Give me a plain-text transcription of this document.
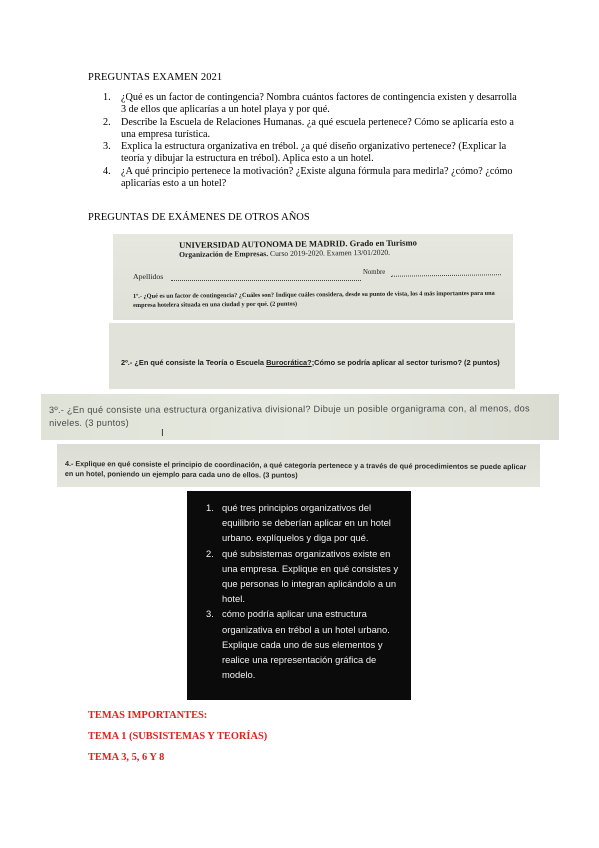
PREGUNTAS EXAMEN 2021
1. ¿Qué es un factor de contingencia? Nombra cuántos factores de contingencia existen y desarrolla 3 de ellos que aplicarías a un hotel playa y por qué.
2. Describe la Escuela de Relaciones Humanas. ¿a qué escuela pertenece? Cómo se aplicaría esto a una empresa turística.
3. Explica la estructura organizativa en trébol. ¿a qué diseño organizativo pertenece? (Explicar la teoría y dibujar la estructura en trébol). Aplica esto a un hotel.
4. ¿A qué principio pertenece la motivación? ¿Existe alguna fórmula para medirla? ¿cómo? ¿cómo aplicarías esto a un hotel?
PREGUNTAS DE EXÁMENES DE OTROS AÑOS
UNIVERSIDAD AUTONOMA DE MADRID. Grado en Turismo
Organización de Empresas. Curso 2019-2020. Examen 13/01/2020.
Apellidos	Nombre
1º.- ¿Qué es un factor de contingencia? ¿Cuáles son? Indique cuáles considera, desde su punto de vista, los 4 más importantes para una empresa hotelera situada en una ciudad y por qué. (2 puntos)
2º.- ¿En qué consiste la Teoría o Escuela Burocrática?;Cómo se podría aplicar al sector turismo? (2 puntos)
3º.- ¿En qué consiste una estructura organizativa divisional? Dibuje un posible organigrama con, al menos, dos niveles. (3 puntos)
I
4.- Explique en qué consiste el principio de coordinación, a qué categoría pertenece y a través de qué procedimientos se puede aplicar en un hotel, poniendo un ejemplo para cada uno de ellos. (3 puntos)
1. qué tres principios organizativos del equilibrio se deberían aplicar en un hotel urbano. explíquelos y diga por qué.
2. qué subsistemas organizativos existe en una empresa. Explique en qué consistes y que personas lo integran aplicándolo a un hotel.
3. cómo podría aplicar una estructura organizativa en trébol a un hotel urbano. Explique cada uno de sus elementos y realice una representación gráfica de modelo.
TEMAS IMPORTANTES:
TEMA 1 (SUBSISTEMAS Y TEORÍAS)
TEMA 3, 5, 6 Y 8
